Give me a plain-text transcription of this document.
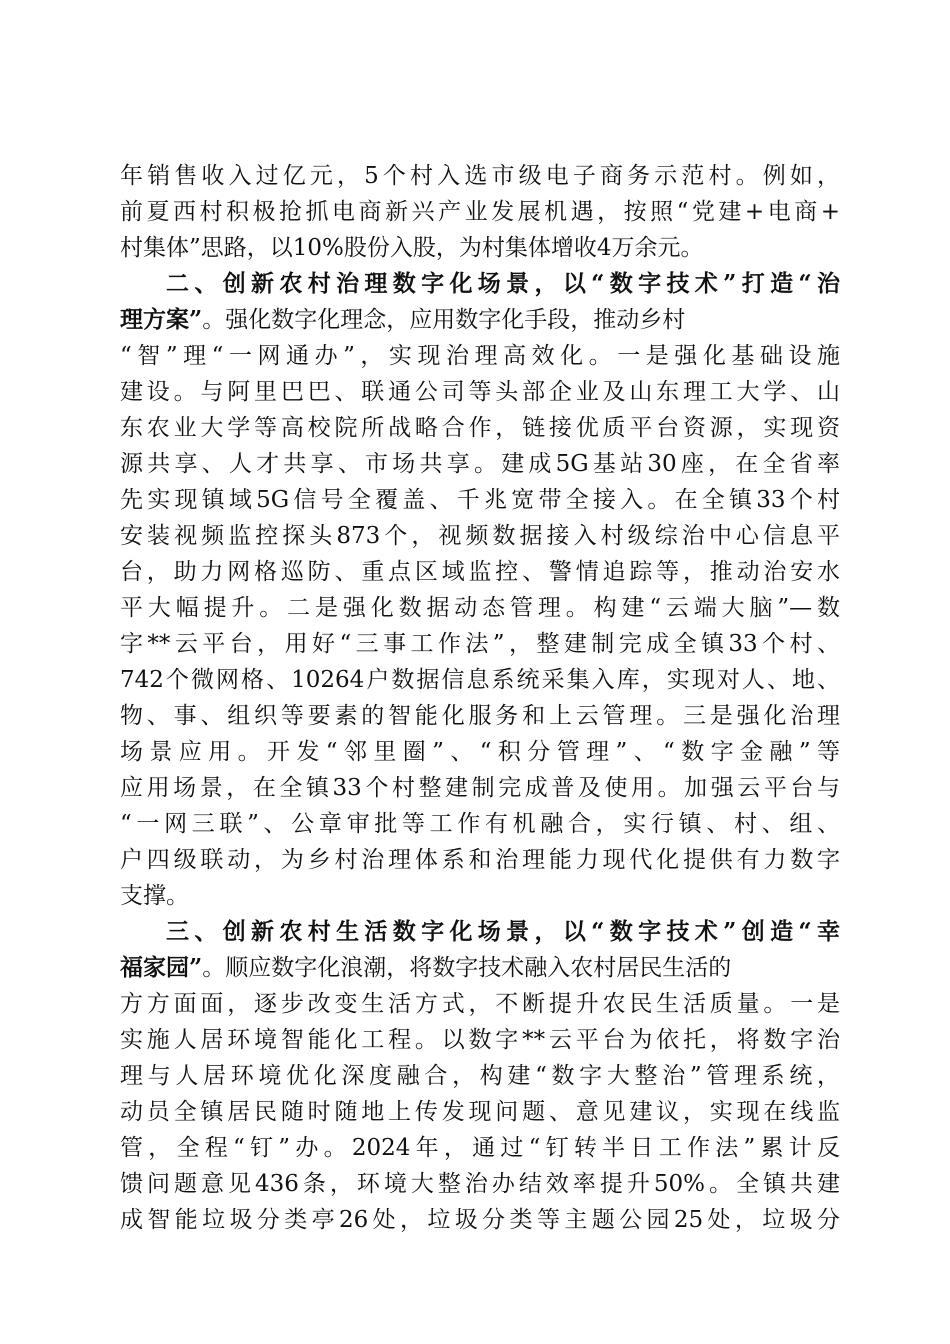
年销售收入过亿元，5个村入选市级电子商务示范村。例如，
前夏西村积极抢抓电商新兴产业发展机遇，按照“党建+电商+
村集体”思路，以10%股份入股，为村集体增收4万余元。
二、创新农村治理数字化场景，以“数字技术”打造“治
理方案”。强化数字化理念，应用数字化手段，推动乡村
“智”理“一网通办”，实现治理高效化。一是强化基础设施
建设。与阿里巴巴、联通公司等头部企业及山东理工大学、山
东农业大学等高校院所战略合作，链接优质平台资源，实现资
源共享、人才共享、市场共享。建成5G基站30座，在全省率
先实现镇域5G信号全覆盖、千兆宽带全接入。在全镇33个村
安装视频监控探头873个，视频数据接入村级综治中心信息平
台，助力网格巡防、重点区域监控、警情追踪等，推动治安水
平大幅提升。二是强化数据动态管理。构建“云端大脑”—数
字**云平台，用好“三事工作法”，整建制完成全镇33个村、
742个微网格、10264户数据信息系统采集入库，实现对人、地、
物、事、组织等要素的智能化服务和上云管理。三是强化治理
场景应用。开发“邻里圈”、“积分管理”、“数字金融”等
应用场景，在全镇33个村整建制完成普及使用。加强云平台与
“一网三联”、公章审批等工作有机融合，实行镇、村、组、
户四级联动，为乡村治理体系和治理能力现代化提供有力数字
支撑。
三、创新农村生活数字化场景，以“数字技术”创造“幸
福家园”。顺应数字化浪潮，将数字技术融入农村居民生活的
方方面面，逐步改变生活方式，不断提升农民生活质量。一是
实施人居环境智能化工程。以数字**云平台为依托，将数字治
理与人居环境优化深度融合，构建“数字大整治”管理系统，
动员全镇居民随时随地上传发现问题、意见建议，实现在线监
管，全程“钉”办。2024年，通过“钉转半日工作法”累计反
馈问题意见436条，环境大整治办结效率提升50%。全镇共建
成智能垃圾分类亭26处，垃圾分类等主题公园25处，垃圾分
